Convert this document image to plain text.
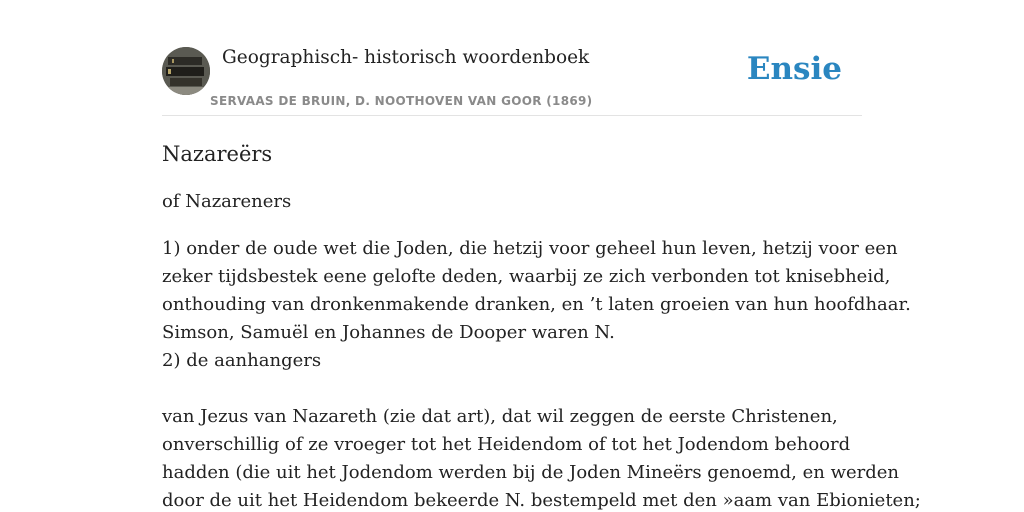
Geographisch- historisch woordenboek
SERVAAS DE BRUIN, D. NOOTHOVEN VAN GOOR (1869)
Ensie
Nazareërs

of Nazareners

1) onder de oude wet die Joden, die hetzij voor geheel hun leven, hetzij voor een
zeker tijdsbestek eene gelofte deden, waarbij ze zich verbonden tot knisebheid,
onthouding van dronkenmakende dranken, en ’t laten groeien van hun hoofdhaar.
Simson, Samuël en Johannes de Dooper waren N.
2) de aanhangers
van Jezus van Nazareth (zie dat art), dat wil zeggen de eerste Christenen,
onverschillig of ze vroeger tot het Heidendom of tot het Jodendom behoord
hadden (die uit het Jodendom werden bij de Joden Mineërs genoemd, en werden
door de uit het Heidendom bekeerde N. bestempeld met den »aam van Ebionieten;
